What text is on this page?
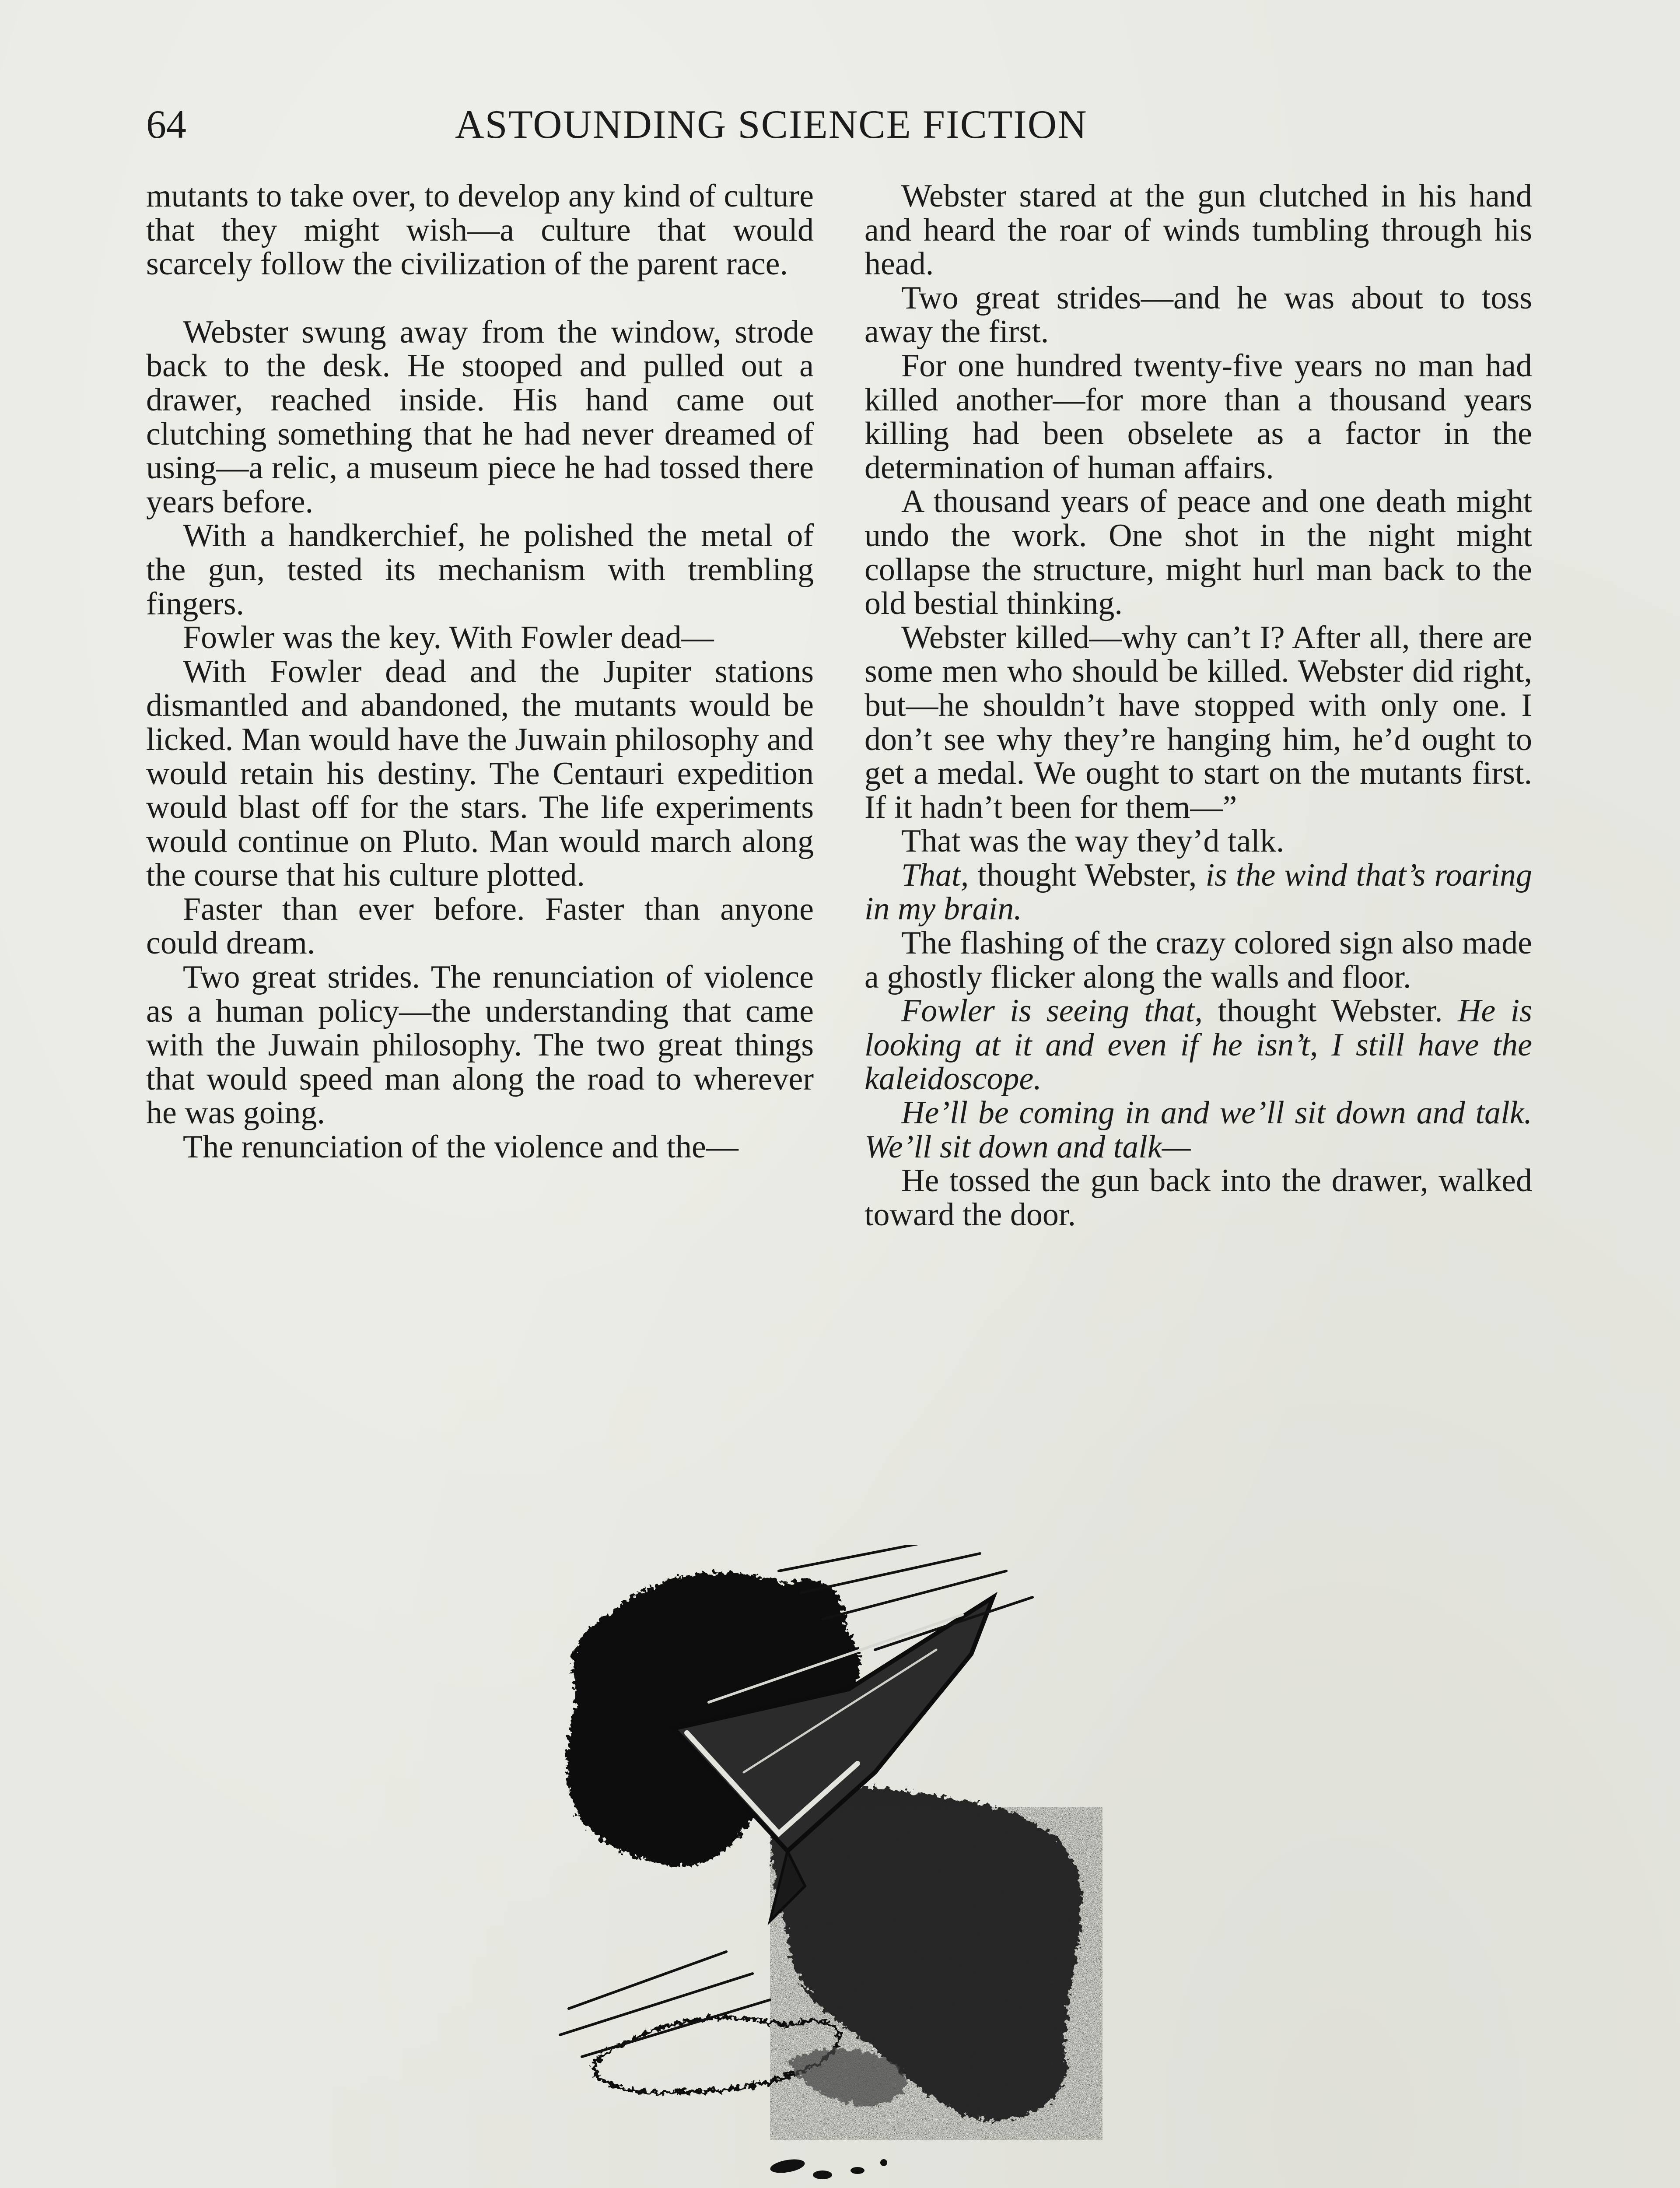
64	ASTOUNDING SCIENCE FICTION

mutants to take over, to develop any kind of culture that they might wish—a culture that would scarcely follow the civilization of the parent race.

Webster swung away from the window, strode back to the desk. He stooped and pulled out a drawer, reached inside. His hand came out clutching something that he had never dreamed of using—a relic, a museum piece he had tossed there years before.

With a handkerchief, he polished the metal of the gun, tested its mechanism with trembling fingers.

Fowler was the key. With Fowler dead—

With Fowler dead and the Jupiter stations dismantled and abandoned, the mutants would be licked. Man would have the Juwain philosophy and would retain his destiny. The Centauri expedition would blast off for the stars. The life experiments would continue on Pluto. Man would march along the course that his culture plotted.

Faster than ever before. Faster than anyone could dream.

Two great strides. The renunciation of violence as a human policy—the understanding that came with the Juwain philosophy. The two great things that would speed man along the road to wherever he was going.

The renunciation of the violence and the—

Webster stared at the gun clutched in his hand and heard the roar of winds tumbling through his head.

Two great strides—and he was about to toss away the first.

For one hundred twenty-five years no man had killed another—for more than a thousand years killing had been obselete as a factor in the determination of human affairs.

A thousand years of peace and one death might undo the work. One shot in the night might collapse the structure, might hurl man back to the old bestial thinking.

Webster killed—why can’t I? After all, there are some men who should be killed. Webster did right, but—he shouldn’t have stopped with only one. I don’t see why they’re hanging him, he’d ought to get a medal. We ought to start on the mutants first. If it hadn’t been for them—”

That was the way they’d talk.

That, thought Webster, is the wind that’s roaring in my brain.

The flashing of the crazy colored sign also made a ghostly flicker along the walls and floor.

Fowler is seeing that, thought Webster. He is looking at it and even if he isn’t, I still have the kaleidoscope.

He’ll be coming in and we’ll sit down and talk. We’ll sit down and talk—

He tossed the gun back into the drawer, walked toward the door.
